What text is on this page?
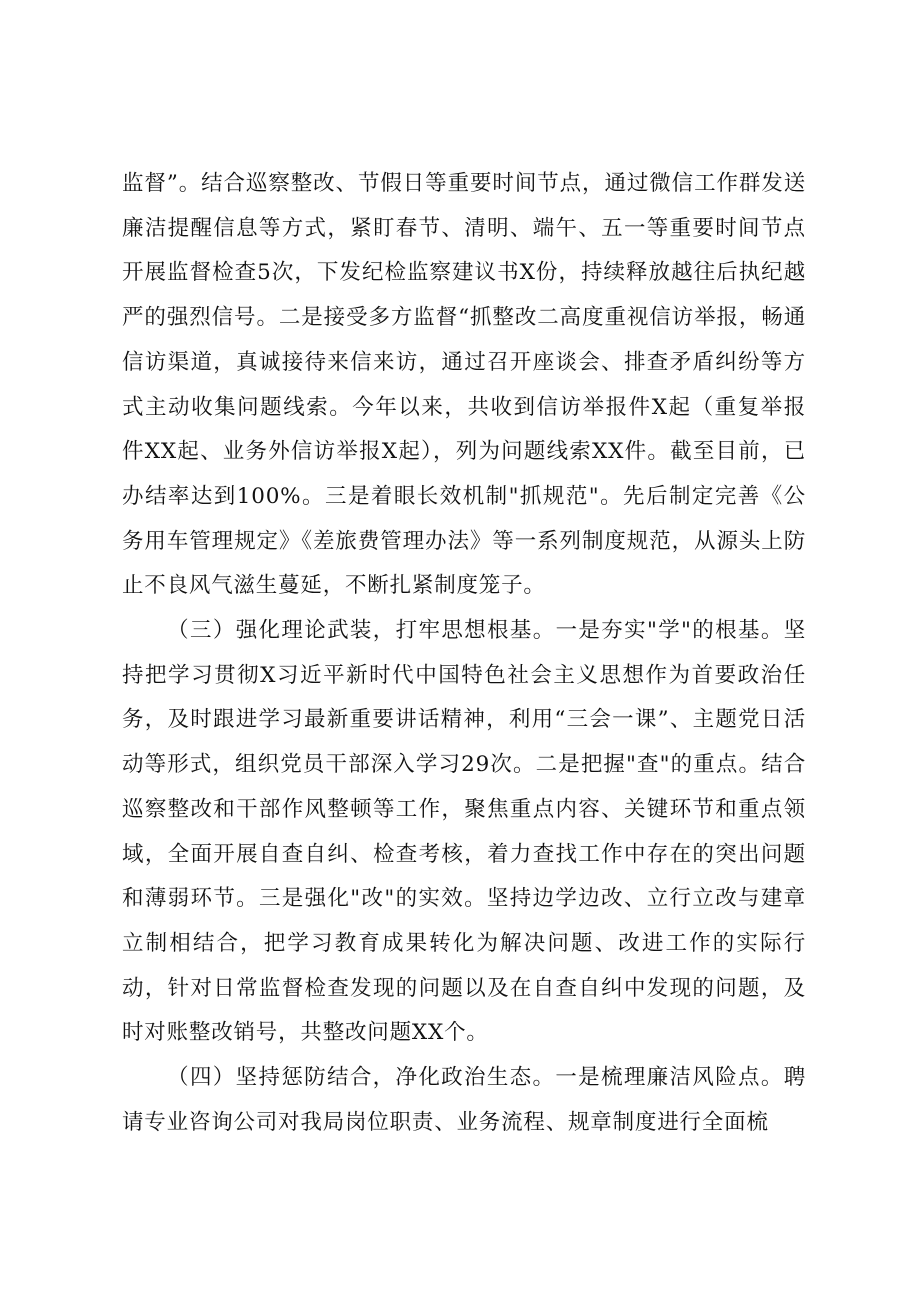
监督”。结合巡察整改、节假日等重要时间节点，通过微信工作群发送廉洁提醒信息等方式，紧盯春节、清明、端午、五一等重要时间节点开展监督检查5次，下发纪检监察建议书X份，持续释放越往后执纪越严的强烈信号。二是接受多方监督“抓整改二高度重视信访举报，畅通信访渠道，真诚接待来信来访，通过召开座谈会、排查矛盾纠纷等方式主动收集问题线索。今年以来，共收到信访举报件X起（重复举报件XX起、业务外信访举报X起），列为问题线索XX件。截至目前，已办结率达到100%。三是着眼长效机制"抓规范"。先后制定完善《公务用车管理规定》《差旅费管理办法》等一系列制度规范，从源头上防止不良风气滋生蔓延，不断扎紧制度笼子。

（三）强化理论武装，打牢思想根基。一是夯实"学"的根基。坚持把学习贯彻X习近平新时代中国特色社会主义思想作为首要政治任务，及时跟进学习最新重要讲话精神，利用“三会一课”、主题党日活动等形式，组织党员干部深入学习29次。二是把握"查"的重点。结合巡察整改和干部作风整顿等工作，聚焦重点内容、关键环节和重点领域，全面开展自查自纠、检查考核，着力查找工作中存在的突出问题和薄弱环节。三是强化"改"的实效。坚持边学边改、立行立改与建章立制相结合，把学习教育成果转化为解决问题、改进工作的实际行动，针对日常监督检查发现的问题以及在自查自纠中发现的问题，及时对账整改销号，共整改问题XX个。

（四）坚持惩防结合，净化政治生态。一是梳理廉洁风险点。聘请专业咨询公司对我局岗位职责、业务流程、规章制度进行全面梳
